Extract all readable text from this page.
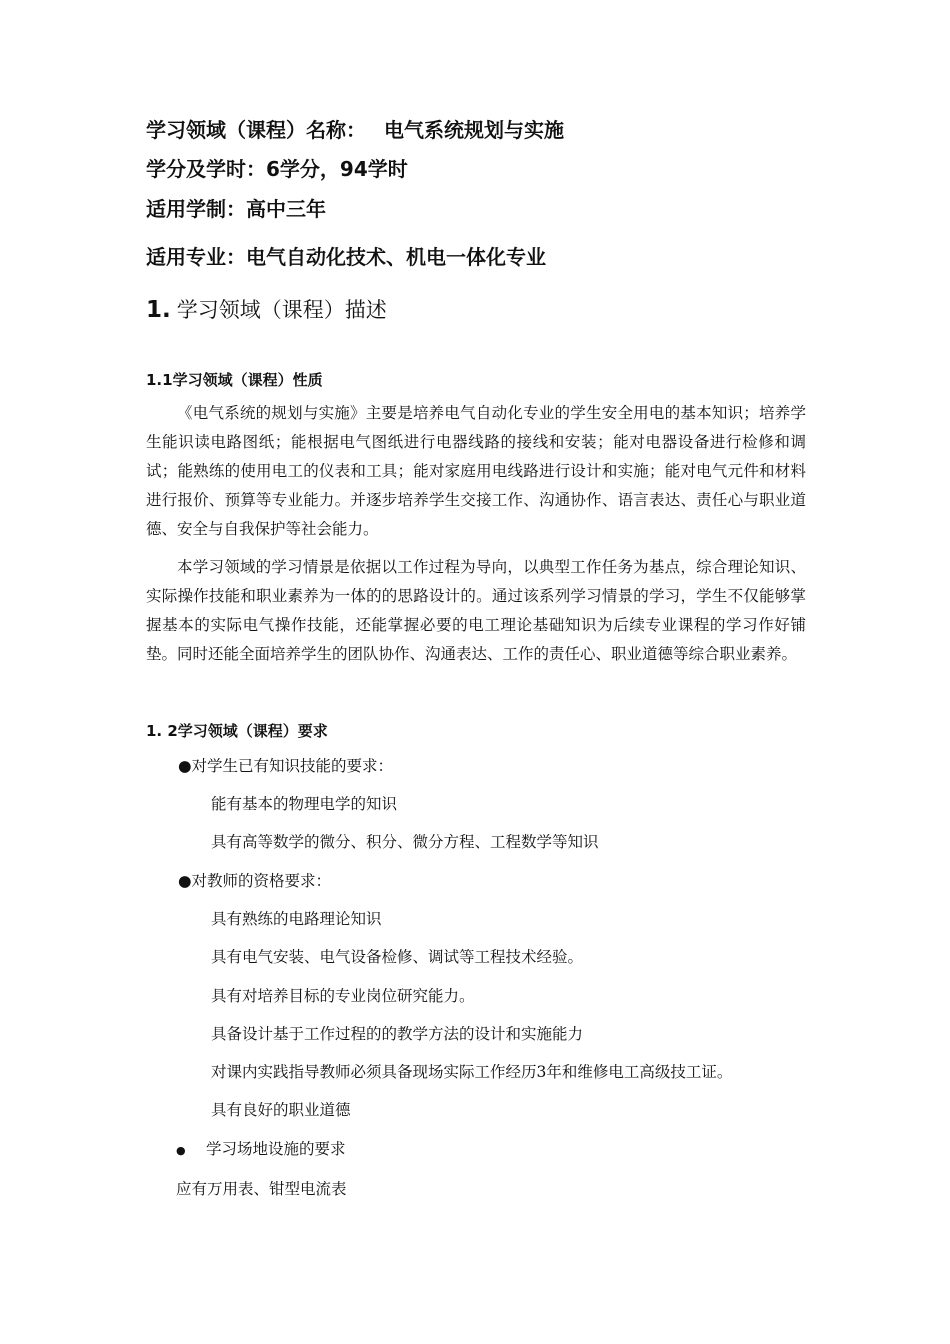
学习领域（课程）名称： 电气系统规划与实施
学分及学时：6学分，94学时
适用学制：高中三年
适用专业：电气自动化技术、机电一体化专业
1. 学习领域（课程）描述
1.1学习领域（课程）性质

《电气系统的规划与实施》主要是培养电气自动化专业的学生安全用电的基本知识；培养学生能识读电路图纸；能根据电气图纸进行电器线路的接线和安装；能对电器设备进行检修和调试；能熟练的使用电工的仪表和工具；能对家庭用电线路进行设计和实施；能对电气元件和材料进行报价、预算等专业能力。并逐步培养学生交接工作、沟通协作、语言表达、责任心与职业道德、安全与自我保护等社会能力。

本学习领域的学习情景是依据以工作过程为导向，以典型工作任务为基点，综合理论知识、实际操作技能和职业素养为一体的的思路设计的。通过该系列学习情景的学习，学生不仅能够掌握基本的实际电气操作技能，还能掌握必要的电工理论基础知识为后续专业课程的学习作好铺垫。同时还能全面培养学生的团队协作、沟通表达、工作的责任心、职业道德等综合职业素养。

1. 2学习领域（课程）要求
●对学生已有知识技能的要求：
能有基本的物理电学的知识
具有高等数学的微分、积分、微分方程、工程数学等知识
●对教师的资格要求：
具有熟练的电路理论知识
具有电气安装、电气设备检修、调试等工程技术经验。
具有对培养目标的专业岗位研究能力。
具备设计基于工作过程的的教学方法的设计和实施能力
对课内实践指导教师必须具备现场实际工作经历3年和维修电工高级技工证。
具有良好的职业道德
● 学习场地设施的要求
应有万用表、钳型电流表
